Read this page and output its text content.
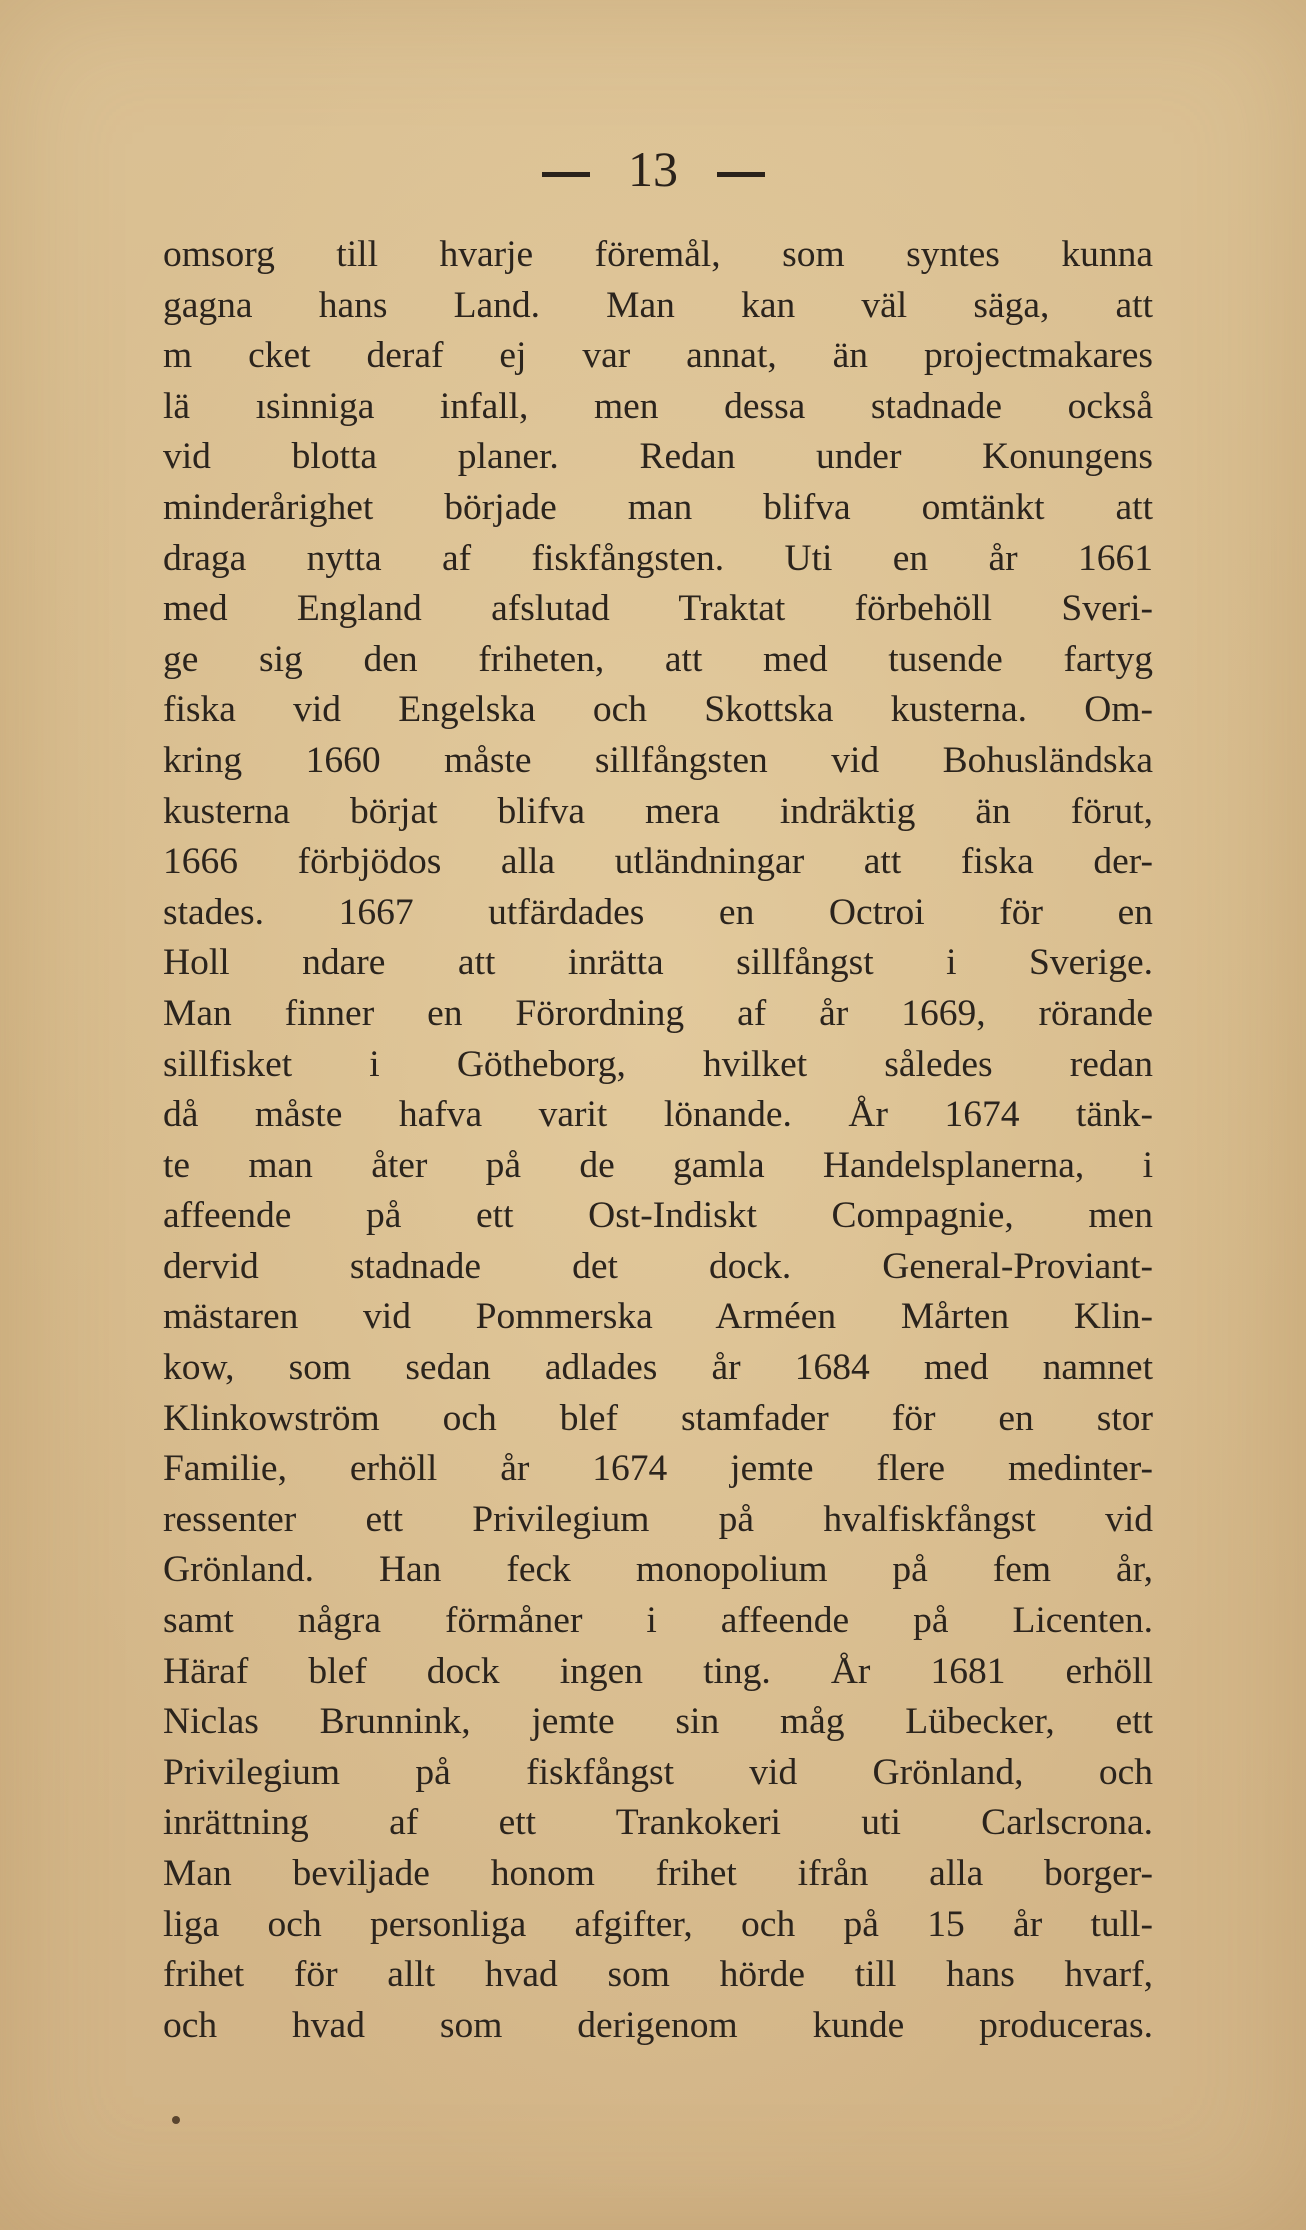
13
omsorg till hvarje föremål, som syntes kunna
gagna hans Land. Man kan väl säga, att
m cket deraf ej var annat, än projectmakares
lä ısinniga infall, men dessa stadnade också
vid blotta planer. Redan under Konungens
minderårighet började man blifva omtänkt att
draga nytta af fiskfångsten. Uti en år 1661
med England afslutad Traktat förbehöll Sveri-
ge sig den friheten, att med tusende fartyg
fiska vid Engelska och Skottska kusterna. Om-
kring 1660 måste sillfångsten vid Bohusländska
kusterna börjat blifva mera indräktig än förut,
1666 förbjödos alla utländningar att fiska der-
stades. 1667 utfärdades en Octroi för en
Holl ndare att inrätta sillfångst i Sverige.
Man finner en Förordning af år 1669, rörande
sillfisket i Götheborg, hvilket således redan
då måste hafva varit lönande. År 1674 tänk-
te man åter på de gamla Handelsplanerna, i
affeende på ett Ost-Indiskt Compagnie, men
dervid stadnade det dock. General-Proviant-
mästaren vid Pommerska Arméen Mårten Klin-
kow, som sedan adlades år 1684 med namnet
Klinkowström och blef stamfader för en stor
Familie, erhöll år 1674 jemte flere medinter-
ressenter ett Privilegium på hvalfiskfångst vid
Grönland. Han feck monopolium på fem år,
samt några förmåner i affeende på Licenten.
Häraf blef dock ingen ting. År 1681 erhöll
Niclas Brunnink, jemte sin måg Lübecker, ett
Privilegium på fiskfångst vid Grönland, och
inrättning af ett Trankokeri uti Carlscrona.
Man beviljade honom frihet ifrån alla borger-
liga och personliga afgifter, och på 15 år tull-
frihet för allt hvad som hörde till hans hvarf,
och hvad som derigenom kunde produceras.
